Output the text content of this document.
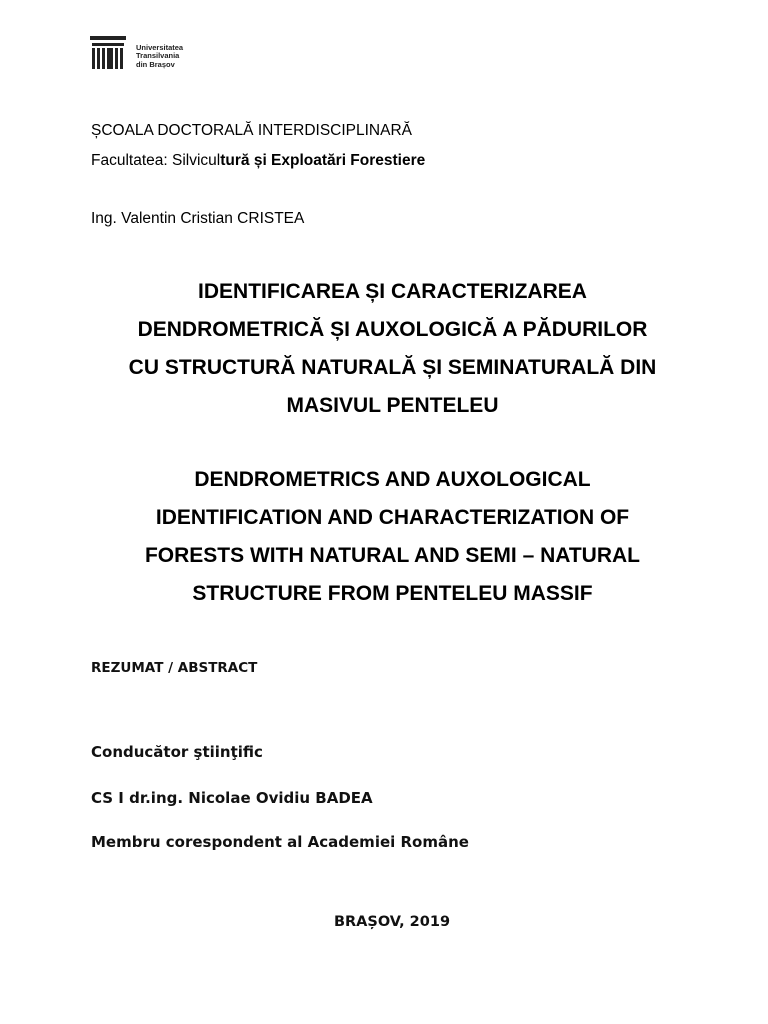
Universitatea
Transilvania
din Brașov
ȘCOALA DOCTORALĂ INTERDISCIPLINARĂ
Facultatea: Silvicultură și Exploatări Forestiere
Ing. Valentin Cristian CRISTEA
IDENTIFICAREA ȘI CARACTERIZAREA
DENDROMETRICĂ ȘI AUXOLOGICĂ A PĂDURILOR
CU STRUCTURĂ NATURALĂ ȘI SEMINATURALĂ DIN
MASIVUL PENTELEU
DENDROMETRICS AND AUXOLOGICAL
IDENTIFICATION AND CHARACTERIZATION OF
FORESTS WITH NATURAL AND SEMI – NATURAL
STRUCTURE FROM PENTELEU MASSIF
REZUMAT / ABSTRACT
Conducător ştiinţific
CS I dr.ing. Nicolae Ovidiu BADEA
Membru corespondent al Academiei Române
BRAȘOV, 2019
